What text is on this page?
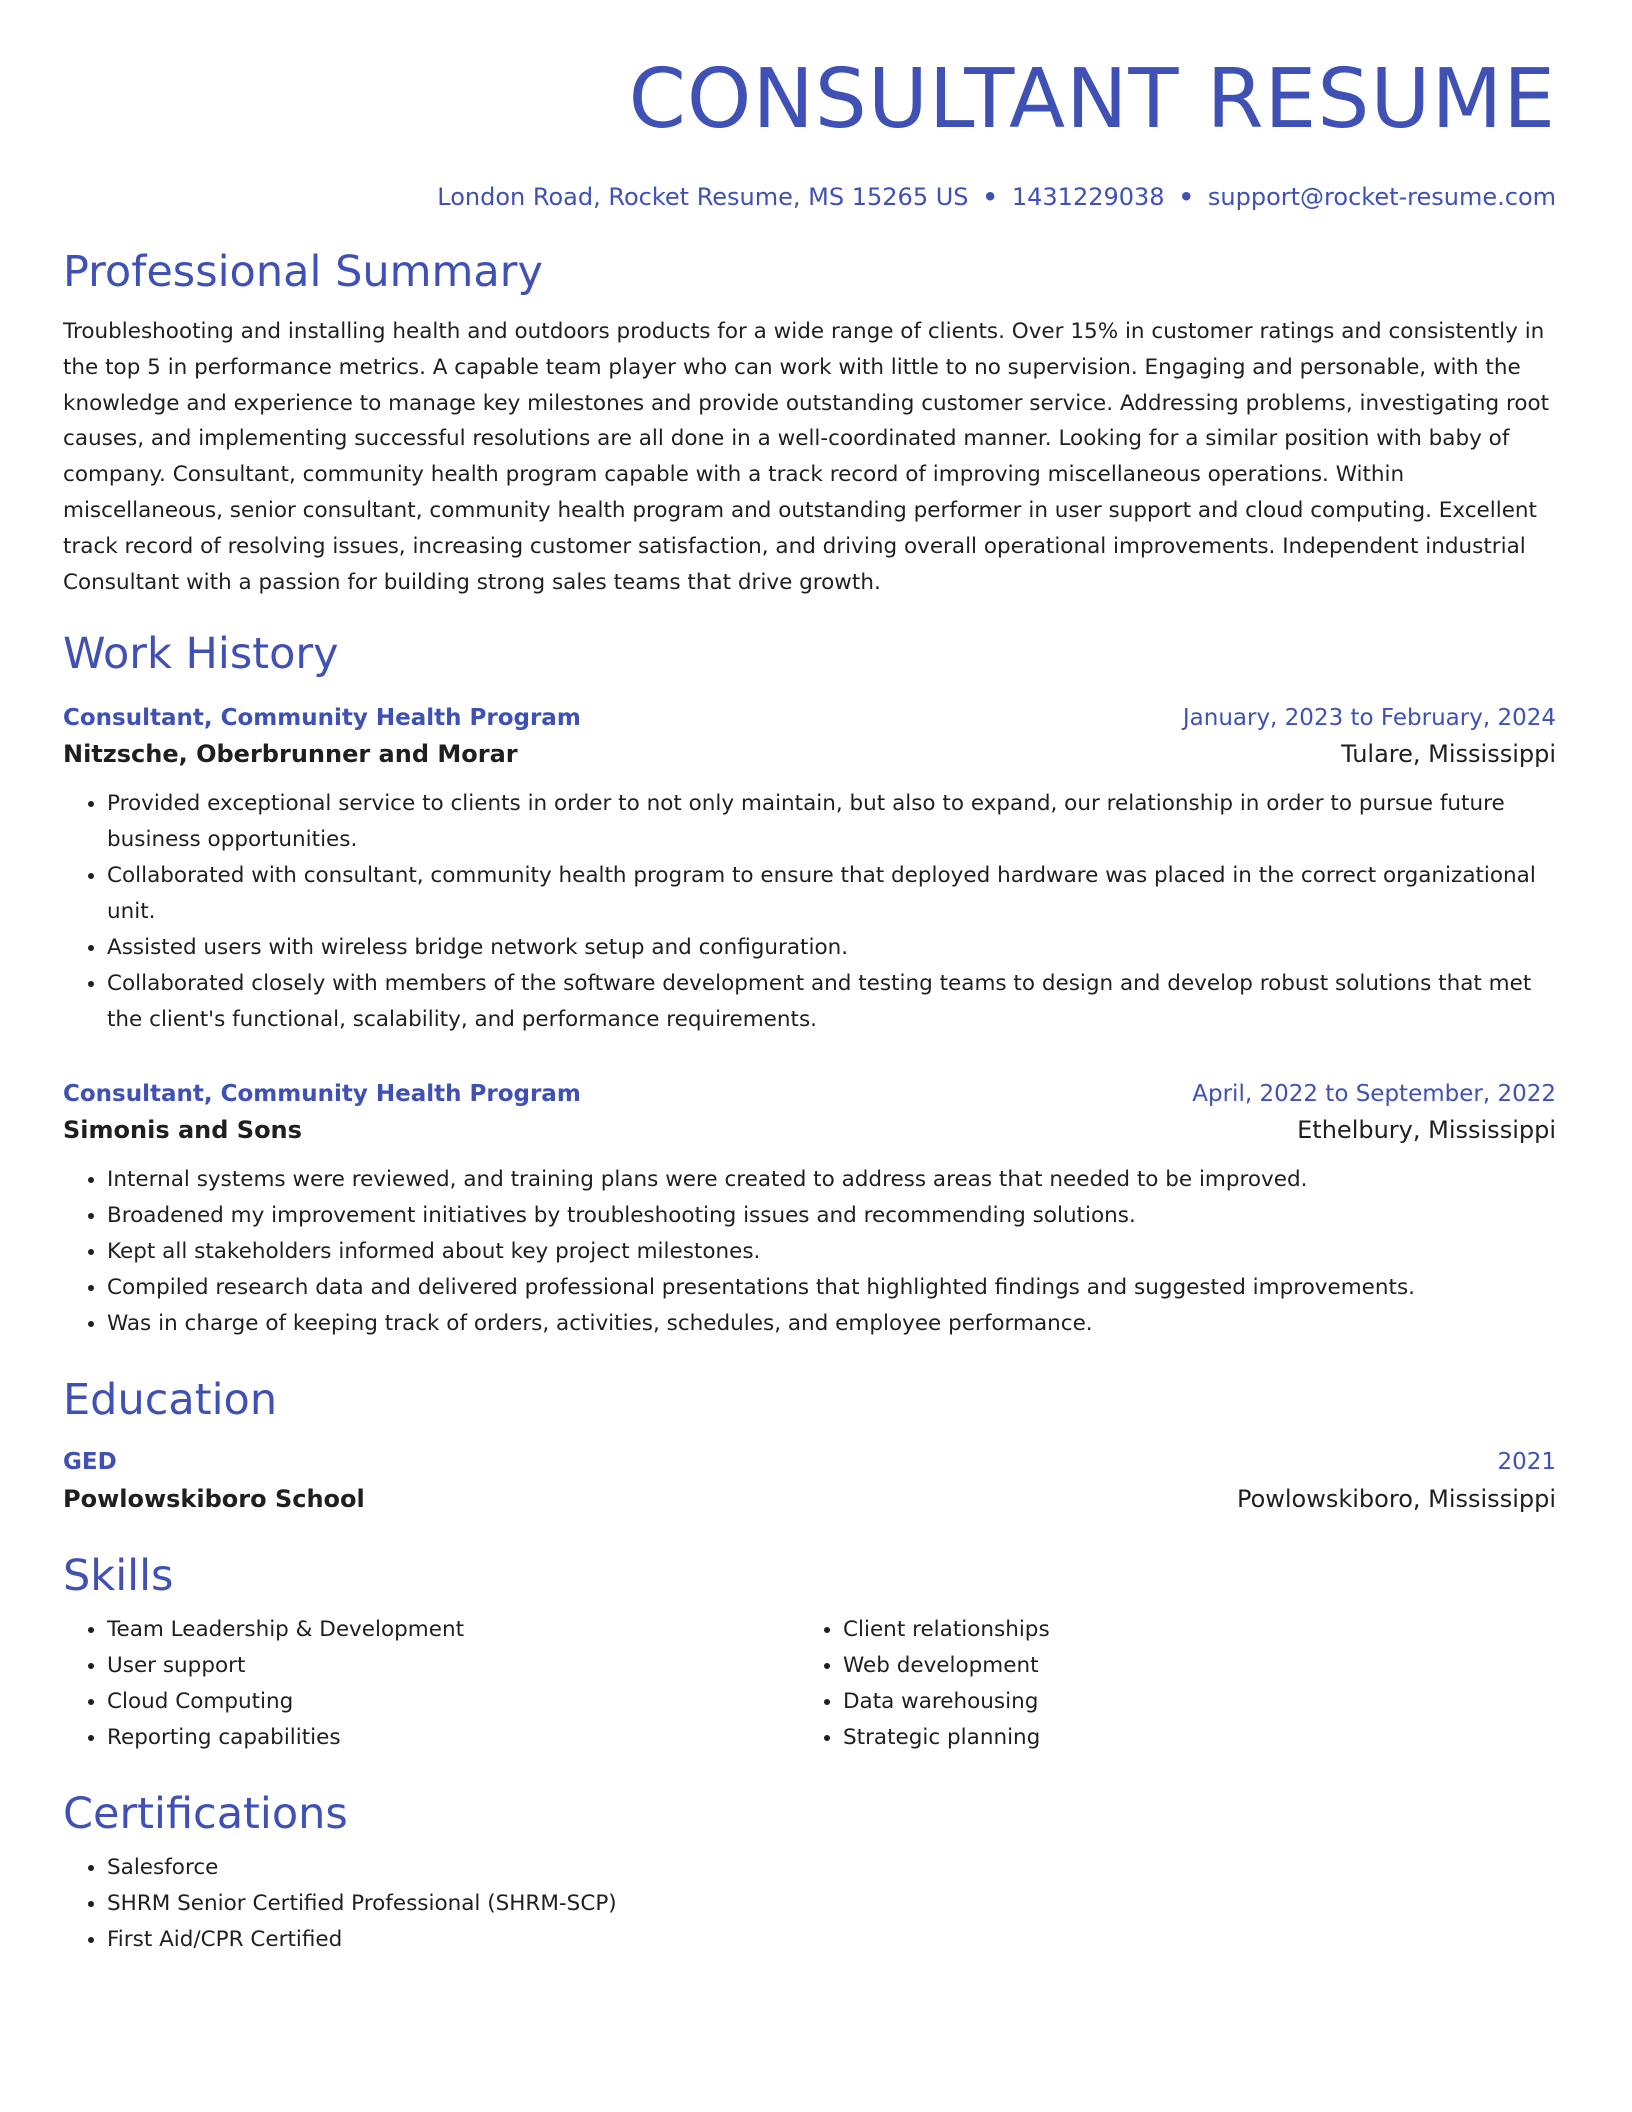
CONSULTANT RESUME
London Road, Rocket Resume, MS 15265 US • 1431229038 • support@rocket-resume.com
Professional Summary
Troubleshooting and installing health and outdoors products for a wide range of clients. Over 15% in customer ratings and consistently in the top 5 in performance metrics. A capable team player who can work with little to no supervision. Engaging and personable, with the knowledge and experience to manage key milestones and provide outstanding customer service. Addressing problems, investigating root causes, and implementing successful resolutions are all done in a well-coordinated manner. Looking for a similar position with baby of company. Consultant, community health program capable with a track record of improving miscellaneous operations. Within miscellaneous, senior consultant, community health program and outstanding performer in user support and cloud computing. Excellent track record of resolving issues, increasing customer satisfaction, and driving overall operational improvements. Independent industrial Consultant with a passion for building strong sales teams that drive growth.
Work History
Consultant, Community Health Program	January, 2023 to February, 2024
Nitzsche, Oberbrunner and Morar	Tulare, Mississippi
• Provided exceptional service to clients in order to not only maintain, but also to expand, our relationship in order to pursue future business opportunities.
• Collaborated with consultant, community health program to ensure that deployed hardware was placed in the correct organizational unit.
• Assisted users with wireless bridge network setup and configuration.
• Collaborated closely with members of the software development and testing teams to design and develop robust solutions that met the client's functional, scalability, and performance requirements.
Consultant, Community Health Program	April, 2022 to September, 2022
Simonis and Sons	Ethelbury, Mississippi
• Internal systems were reviewed, and training plans were created to address areas that needed to be improved.
• Broadened my improvement initiatives by troubleshooting issues and recommending solutions.
• Kept all stakeholders informed about key project milestones.
• Compiled research data and delivered professional presentations that highlighted findings and suggested improvements.
• Was in charge of keeping track of orders, activities, schedules, and employee performance.
Education
GED	2021
Powlowskiboro School	Powlowskiboro, Mississippi
Skills
• Team Leadership & Development
• User support
• Cloud Computing
• Reporting capabilities
• Client relationships
• Web development
• Data warehousing
• Strategic planning
Certifications
• Salesforce
• SHRM Senior Certified Professional (SHRM-SCP)
• First Aid/CPR Certified
